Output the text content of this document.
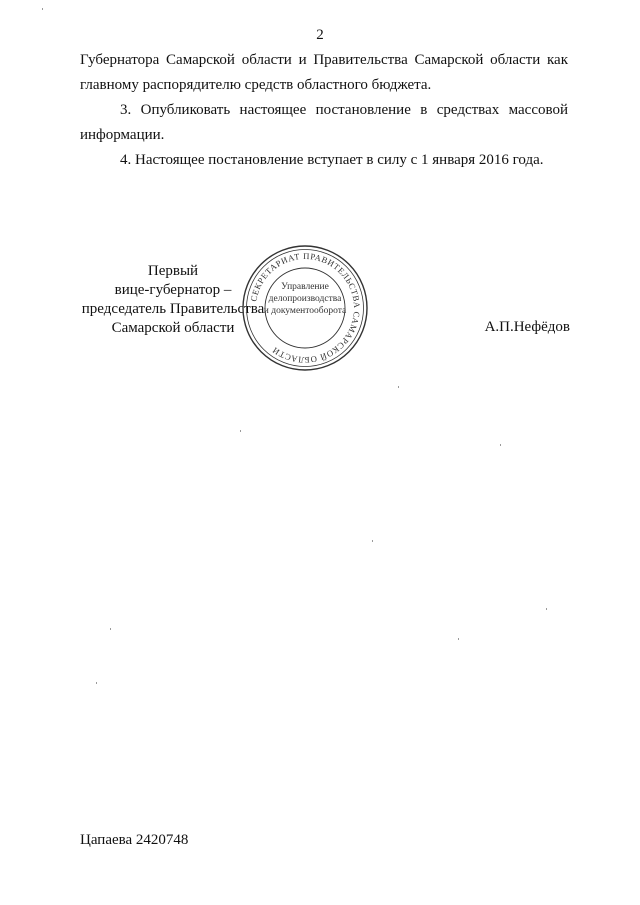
2

Губернатора Самарской области и Правительства Самарской области как

главному распорядителю средств областного бюджета.

3. Опубликовать настоящее постановление в средствах массовой информации.

4. Настоящее постановление вступает в силу с 1 января 2016 года.

Первый
вице-губернатор –
председатель Правительства
Самарской области
СЕКРЕТАРИАТ ПРАВИТЕЛЬСТВА САМАРСКОЙ ОБЛАСТИ
Управление
делопроизводства
и документооборота
А.П.Нефёдов
Цапаева 2420748
